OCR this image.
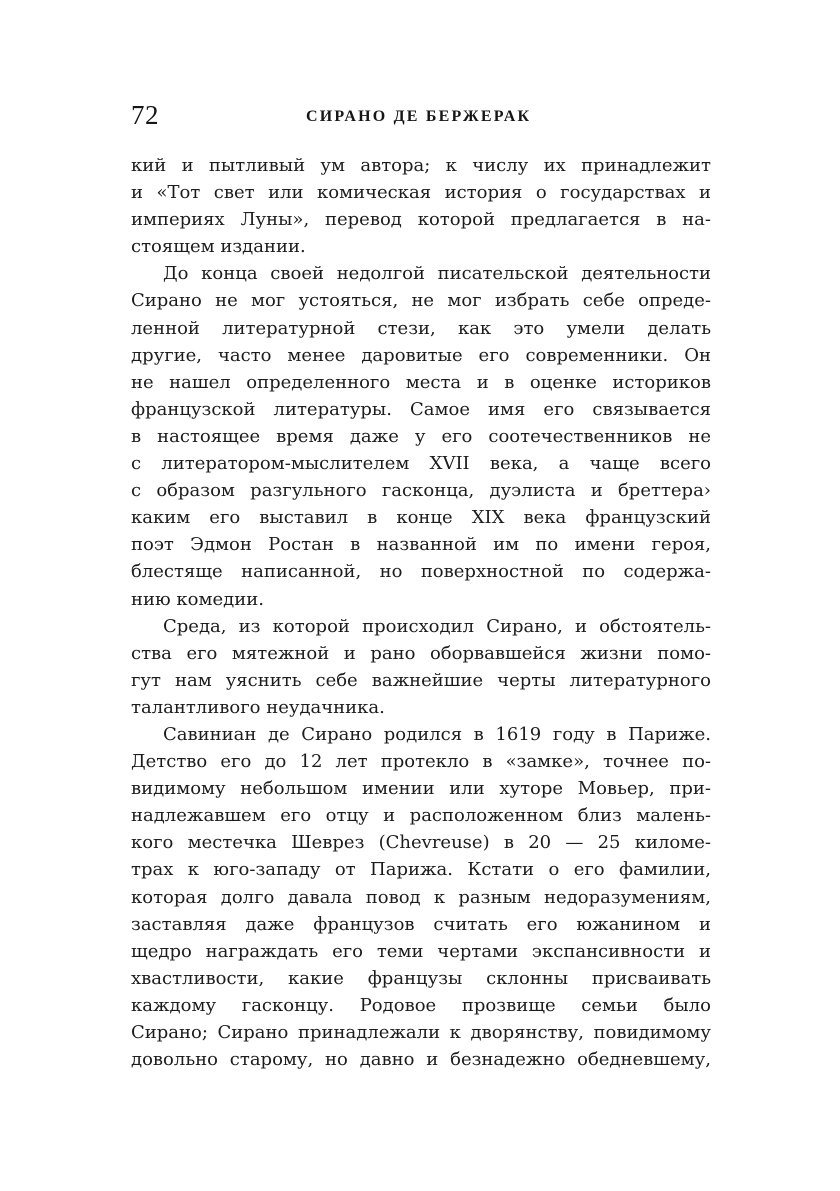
72	СИРАНО ДЕ БЕРЖЕРАК
кий и пытливый ум автора; к числу их принадлежит
и «Тот свет или комическая история о государствах и
империях Луны», перевод которой предлагается в на-
стоящем издании.
До конца своей недолгой писательской деятельности
Сирано не мог устояться, не мог избрать себе опреде-
ленной литературной стези, как это умели делать
другие, часто менее даровитые его современники. Он
не нашел определенного места и в оценке историков
французской литературы. Самое имя его связывается
в настоящее время даже у его соотечественников не
с литератором-мыслителем XVII века, а чаще всего
с образом разгульного гасконца, дуэлиста и бреттера›
каким его выставил в конце XIX века французский
поэт Эдмон Ростан в названной им по имени героя,
блестяще написанной, но поверхностной по содержа-
нию комедии.
Среда, из которой происходил Сирано, и обстоятель-
ства его мятежной и рано оборвавшейся жизни помо-
гут нам уяснить себе важнейшие черты литературного
талантливого неудачника.
Савиниан де Сирано родился в 1619 году в Париже.
Детство его до 12 лет протекло в «замке», точнее по-
видимому небольшом имении или хуторе Мовьер, при-
надлежавшем его отцу и расположенном близ малень-
кого местечка Шеврез (Chevreuse) в 20 — 25 киломе-
трах к юго-западу от Парижа. Кстати о его фамилии,
которая долго давала повод к разным недоразумениям,
заставляя даже французов считать его южанином и
щедро награждать его теми чертами экспансивности и
хвастливости, какие французы склонны присваивать
каждому гасконцу. Родовое прозвище семьи было
Сирано; Сирано принадлежали к дворянству, повидимому
довольно старому, но давно и безнадежно обедневшему,
